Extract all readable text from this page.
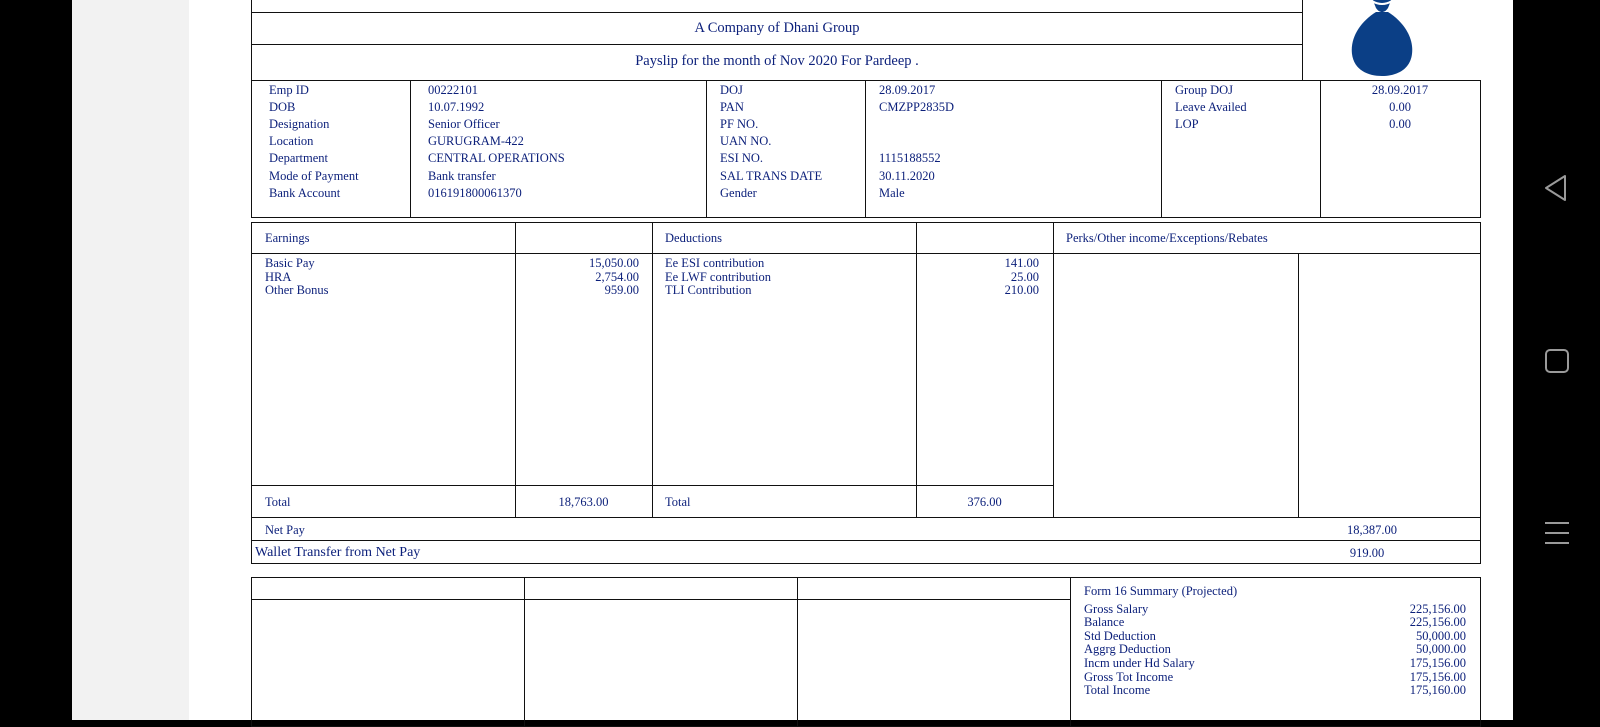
A Company of Dhani Group
Payslip for the month of Nov 2020 For Pardeep .
Emp ID	00222101
DOB	10.07.1992
Designation	Senior Officer
Location	GURUGRAM-422
Department	CENTRAL OPERATIONS
Mode of Payment	Bank transfer
Bank Account	016191800061370
DOJ	28.09.2017
PAN	CMZPP2835D
PF NO.
UAN NO.
ESI NO.	1115188552
SAL TRANS DATE	30.11.2020
Gender	Male
Group DOJ	28.09.2017
Leave Availed	0.00
LOP	0.00
Earnings	Deductions	Perks/Other income/Exceptions/Rebates
Basic Pay	15,050.00
HRA	2,754.00
Other Bonus	959.00
Ee ESI contribution	141.00
Ee LWF contribution	25.00
TLI Contribution	210.00
Total	18,763.00	Total	376.00
Net Pay	18,387.00
Wallet Transfer from Net Pay	919.00
Form 16 Summary (Projected)
Gross Salary	225,156.00
Balance	225,156.00
Std Deduction	50,000.00
Aggrg Deduction	50,000.00
Incm under Hd Salary	175,156.00
Gross Tot Income	175,156.00
Total Income	175,160.00
